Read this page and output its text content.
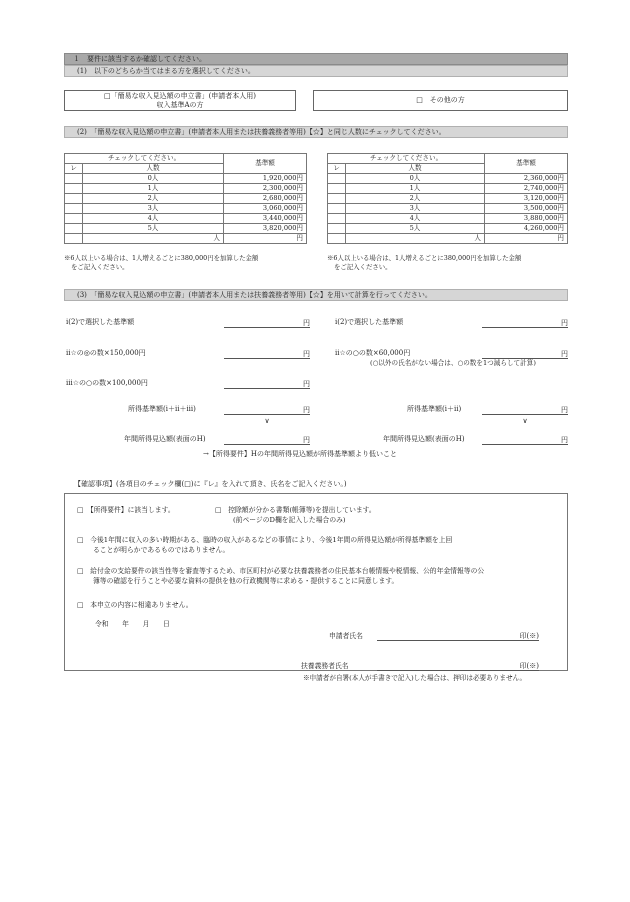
１　要件に該当するか確認してください。
(1)　以下のどちらか当てはまる方を選択してください。
□「簡易な収入見込額の申立書」(申請者本人用)
収入基準Aの方
□　その他の方
(2)　「簡易な収入見込額の申立書」(申請者本人用または扶養義務者等用)【☆】と同じ人数にチェックしてください。
チェックしてください。		基準額
レ	人数	
	0人	1,920,000円
	1人	2,300,000円
	2人	2,680,000円
	3人	3,060,000円
	4人	3,440,000円
	5人	3,820,000円
	人	円
※6人以上いる場合は、1人増えるごとに380,000円を加算した金額
をご記入ください。
チェックしてください。		基準額
レ	人数	
	0人	2,360,000円
	1人	2,740,000円
	2人	3,120,000円
	3人	3,500,000円
	4人	3,880,000円
	5人	4,260,000円
	人	円
※6人以上いる場合は、1人増えるごとに380,000円を加算した金額
をご記入ください。
(3)　「簡易な収入見込額の申立書」(申請者本人用または扶養義務者等用)【☆】を用いて計算を行ってください。
i(2)で選択した基準額	円
ii☆の◎の数×150,000円	円
iii☆の○の数×100,000円	円
所得基準額(i＋ii＋iii)	円
∨
年間所得見込額(表面のH)	円
i(2)で選択した基準額	円
ii☆の○の数×60,000円	円
(○以外の氏名がない場合は、○の数を1つ減らして計算)
所得基準額(i＋ii)	円
∨
年間所得見込額(表面のH)	円
→【所得要件】Hの年間所得見込額が所得基準額より低いこと
【確認事項】(各項目のチェック欄(□)に『レ』を入れて頂き、氏名をご記入ください。)
□　【所得要件】に該当します。	□　控除額が分かる書類(帳簿等)を提出しています。
(前ページのD欄を記入した場合のみ)
□　今後1年間に収入の多い時期がある、臨時の収入があるなどの事情により、今後1年間の所得見込額が所得基準額を上回
ることが明らかであるものではありません。
□　給付金の支給要件の該当性等を審査等するため、市区町村が必要な扶養義務者の住民基本台帳情報や税情報、公的年金情報等の公
簿等の確認を行うことや必要な資料の提供を他の行政機関等に求める・提供することに同意します。
□　本申立の内容に相違ありません。
令和　　年　　月　　日
申請者氏名	印(※)
扶養義務者氏名	印(※)
※申請者が自署(本人が手書きで記入)した場合は、押印は必要ありません。
